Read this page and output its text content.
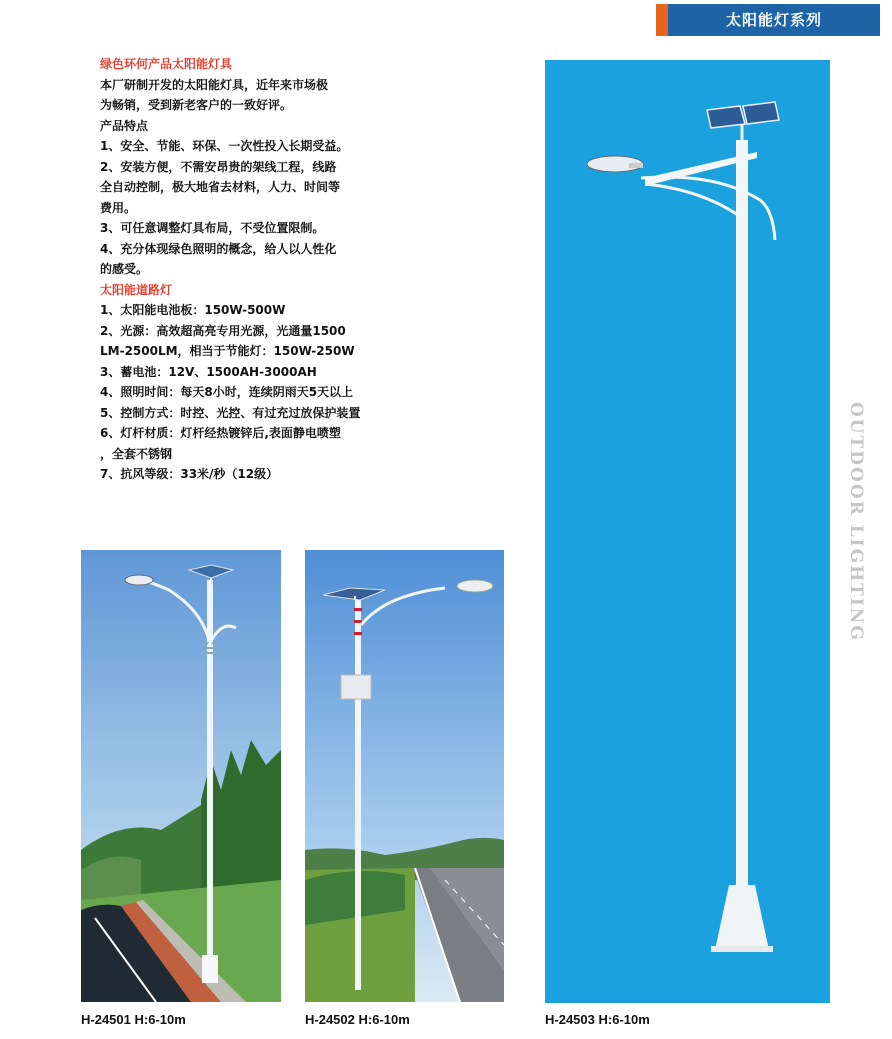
太阳能灯系列

绿色环何产品太阳能灯具

本厂研制开发的太阳能灯具，近年来市场极

为畅销，受到新老客户的一致好评。

产品特点

1、安全、节能、环保、一次性投入长期受益。

2、安装方便，不需安昂贵的架线工程，线路

全自动控制，极大地省去材料，人力、时间等

费用。

3、可任意调整灯具布局，不受位置限制。

4、充分体现绿色照明的概念，给人以人性化

的感受。

太阳能道路灯

1、太阳能电池板：150W-500W

2、光源：高效超高亮专用光源，光通量1500

LM-2500LM，相当于节能灯：150W-250W

3、蓄电池：12V、1500AH-3000AH

4、照明时间：每天8小时，连续阴雨天5天以上

5、控制方式：时控、光控、有过充过放保护装置

6、灯杆材质：灯杆经热镀锌后,表面静电喷塑

，全套不锈钢

7、抗风等级：33米/秒（12级）

H-24501 H:6-10m	H-24502 H:6-10m	H-24503 H:6-10m
OUTDOOR LIGHTING
